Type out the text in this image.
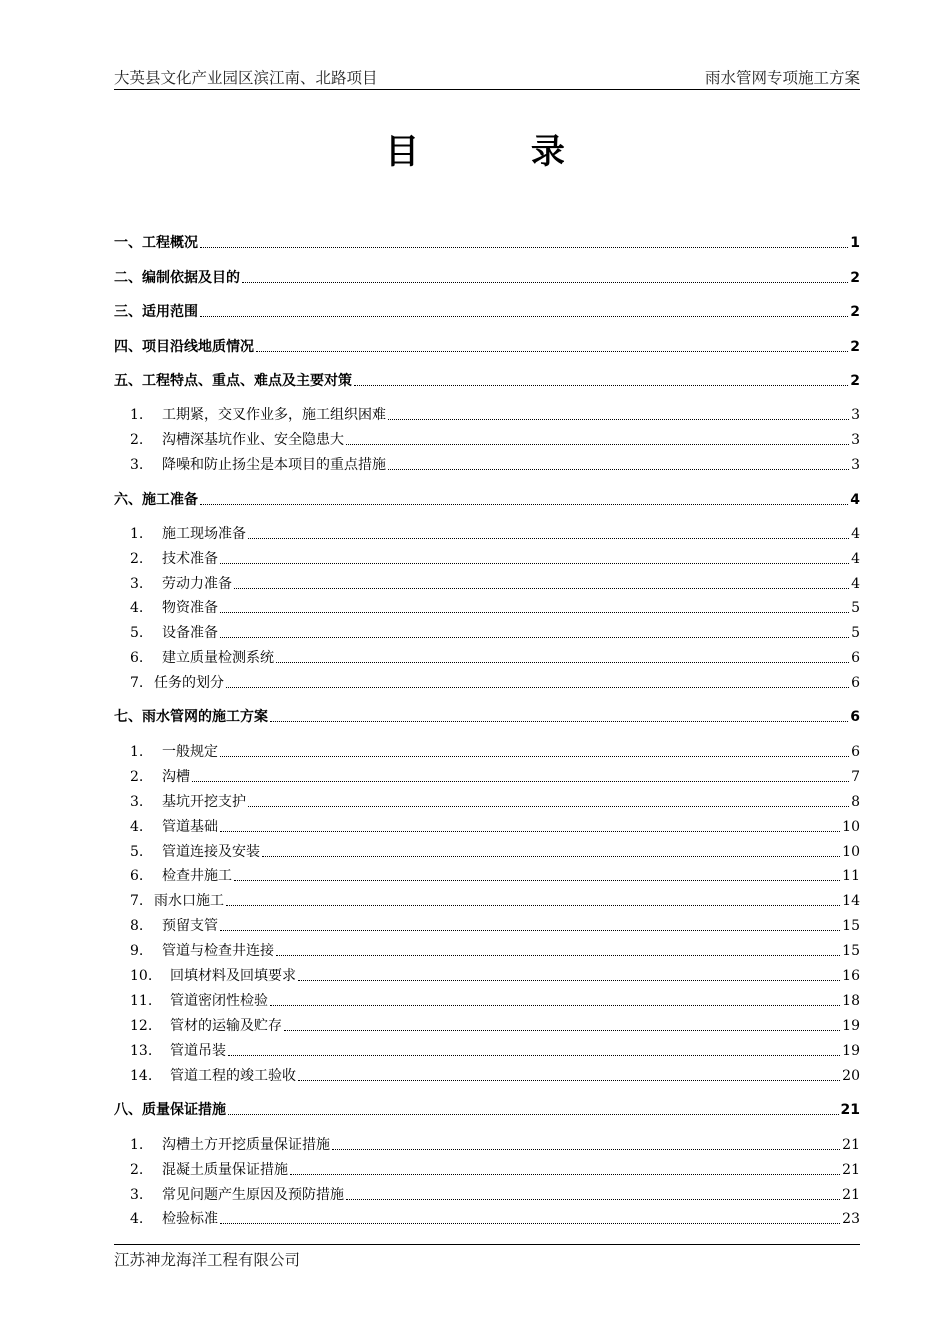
大英县文化产业园区滨江南、北路项目	雨水管网专项施工方案
目 录
一、工程概况	1
二、编制依据及目的	2
三、适用范围	2
四、项目沿线地质情况	2
五、工程特点、重点、难点及主要对策	2
1.	工期紧，交叉作业多，施工组织困难	3
2.	沟槽深基坑作业、安全隐患大	3
3.	降噪和防止扬尘是本项目的重点措施	3
六、施工准备	4
1.	施工现场准备	4
2.	技术准备	4
3.	劳动力准备	4
4.	物资准备	5
5.	设备准备	5
6.	建立质量检测系统	6
7. 任务的划分	6
七、雨水管网的施工方案	6
1.	一般规定	6
2.	沟槽	7
3.	基坑开挖支护	8
4.	管道基础	10
5.	管道连接及安装	10
6.	检查井施工	11
7. 雨水口施工	14
8.	预留支管	15
9.	管道与检查井连接	15
10.	回填材料及回填要求	16
11.	管道密闭性检验	18
12.	管材的运输及贮存	19
13.	管道吊装	19
14.	管道工程的竣工验收	20
八、质量保证措施	21
1.	沟槽土方开挖质量保证措施	21
2.	混凝土质量保证措施	21
3.	常见问题产生原因及预防措施	21
4.	检验标准	23
江苏神龙海洋工程有限公司
